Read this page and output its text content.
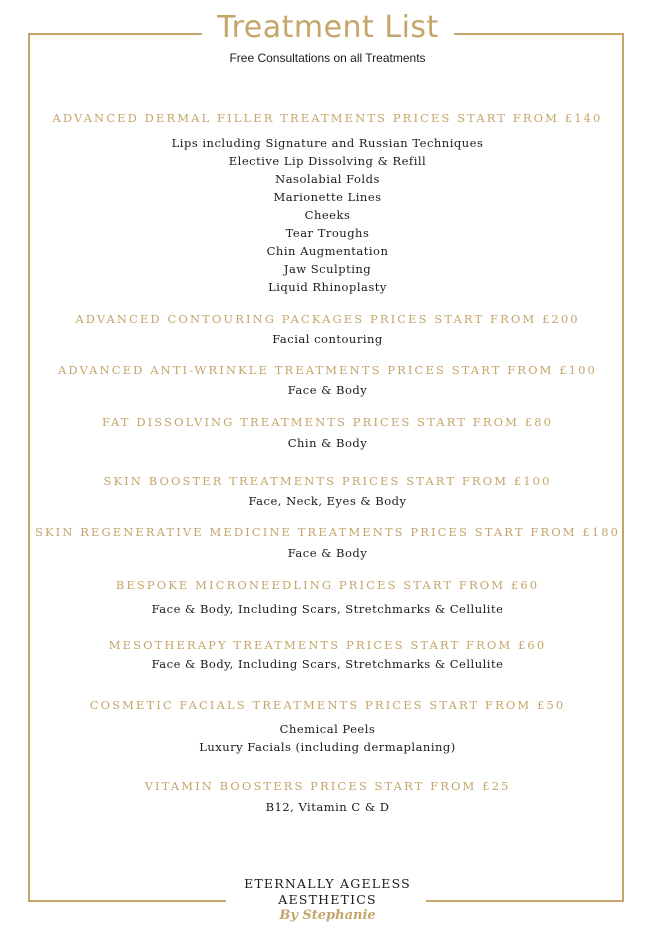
Treatment List
Free Consultations on all Treatments
ADVANCED DERMAL FILLER TREATMENTS PRICES START FROM £140
Lips including Signature and Russian Techniques
Elective Lip Dissolving & Refill
Nasolabial Folds
Marionette Lines
Cheeks
Tear Troughs
Chin Augmentation
Jaw Sculpting
Liquid Rhinoplasty
ADVANCED CONTOURING PACKAGES PRICES START FROM £200
Facial contouring
ADVANCED ANTI-WRINKLE TREATMENTS PRICES START FROM £100
Face & Body
FAT DISSOLVING TREATMENTS PRICES START FROM £80
Chin & Body
SKIN BOOSTER TREATMENTS PRICES START FROM £100
Face, Neck, Eyes & Body
SKIN REGENERATIVE MEDICINE TREATMENTS PRICES START FROM £180
Face & Body
BESPOKE MICRONEEDLING PRICES START FROM £60
Face & Body, Including Scars, Stretchmarks & Cellulite
MESOTHERAPY TREATMENTS PRICES START FROM £60
Face & Body, Including Scars, Stretchmarks & Cellulite
COSMETIC FACIALS TREATMENTS PRICES START FROM £50
Chemical Peels
Luxury Facials (including dermaplaning)
VITAMIN BOOSTERS PRICES START FROM £25
B12, Vitamin C & D
ETERNALLY AGELESS
AESTHETICS
By Stephanie
